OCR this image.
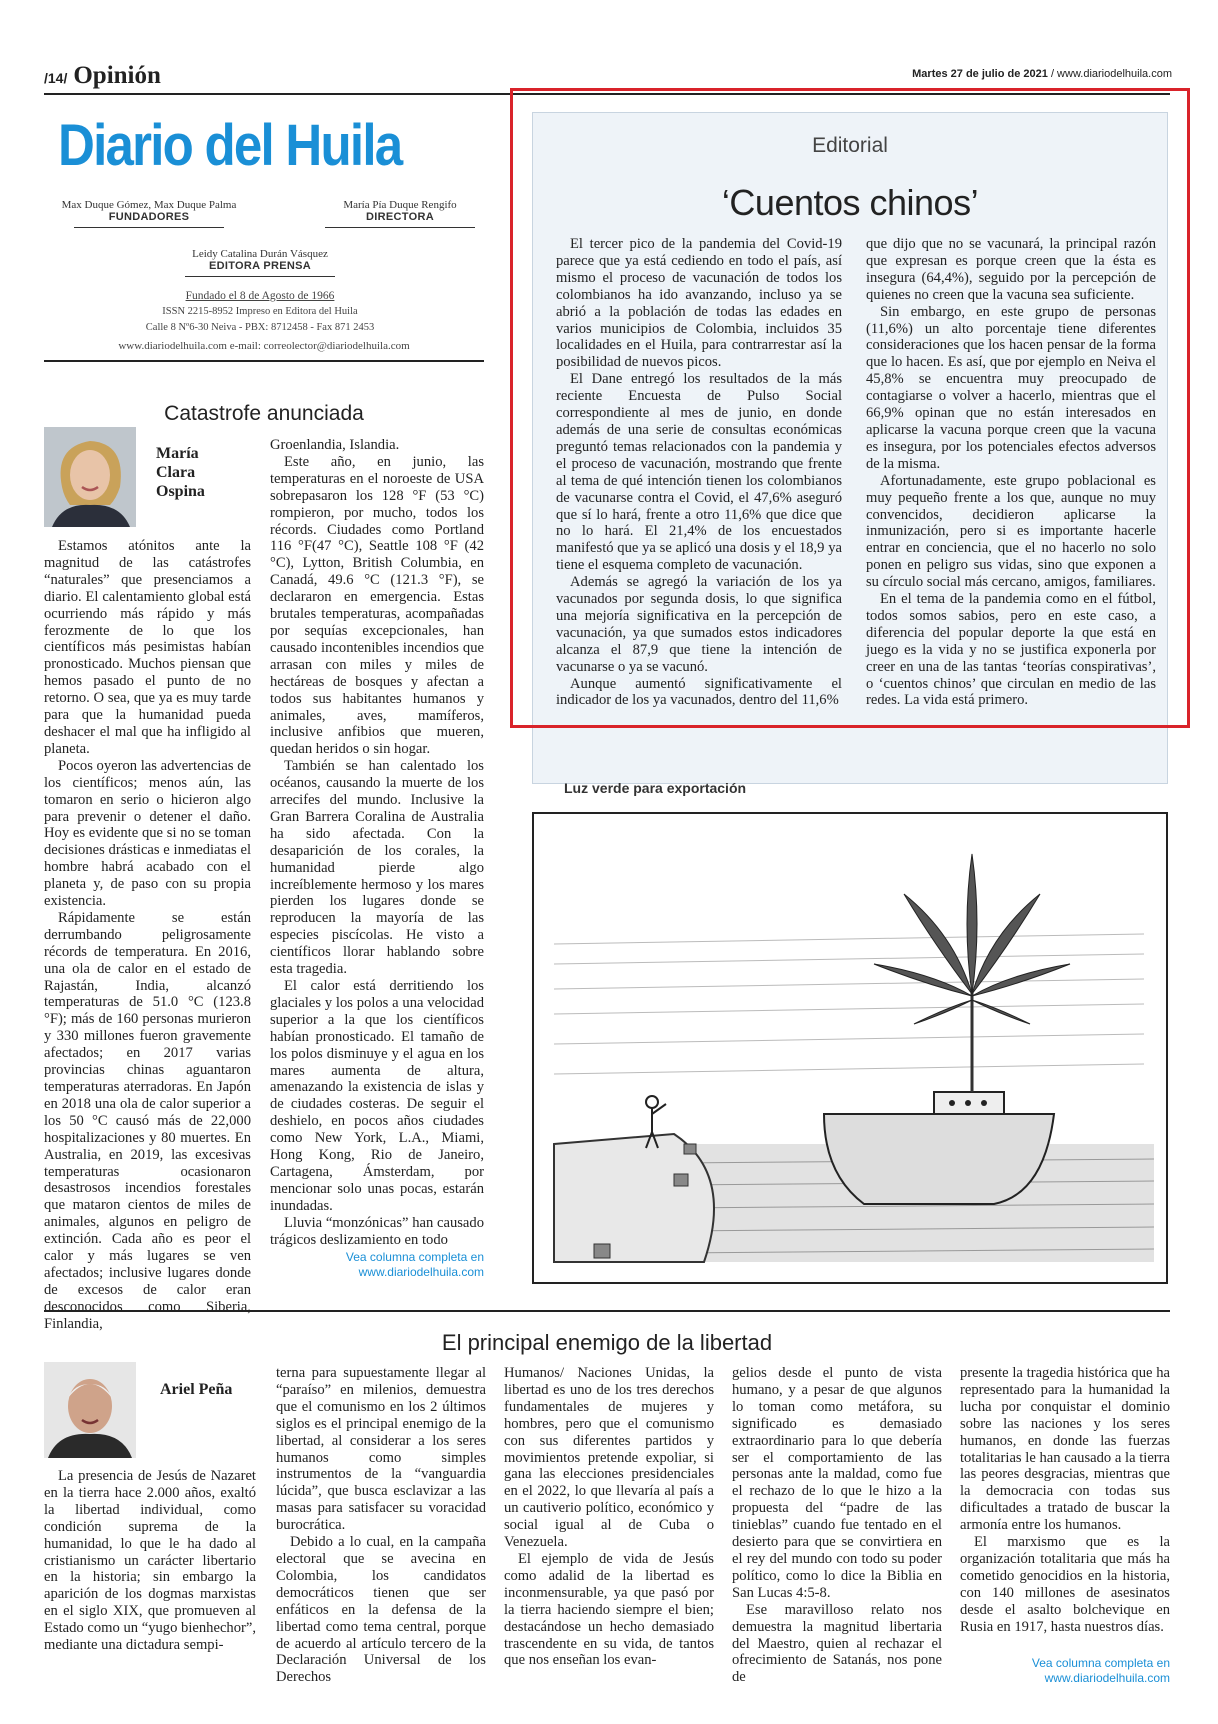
/14/ Opinión	Martes 27 de julio de 2021 / www.diariodelhuila.com
Diario del Huila
Max Duque Gómez, Max Duque Palma
FUNDADORES
María Pía Duque Rengifo
DIRECTORA
Leidy Catalina Durán Vásquez
EDITORA PRENSA
Fundado el 8 de Agosto de 1966
ISSN 2215-8952 Impreso en Editora del Huila
Calle 8 Nº6-30 Neiva - PBX: 8712458 - Fax 871 2453
www.diariodelhuila.com e-mail: correolector@diariodelhuila.com
Catastrofe anunciada
María
Clara
Ospina

Estamos atónitos ante la magnitud de las catástrofes “naturales” que presenciamos a diario. El calentamiento global está ocurriendo más rápido y más ferozmente de lo que los científicos más pesimistas habían pronosticado. Muchos piensan que hemos pasado el punto de no retorno. O sea, que ya es muy tarde para que la humanidad pueda deshacer el mal que ha infligido al planeta.

Pocos oyeron las advertencias de los científicos; menos aún, las tomaron en serio o hicieron algo para prevenir o detener el daño. Hoy es evidente que si no se toman decisiones drásticas e inmediatas el hombre habrá acabado con el planeta y, de paso con su propia existencia.

Rápidamente se están derrumbando peligrosamente récords de temperatura. En 2016, una ola de calor en el estado de Rajastán, India, alcanzó temperaturas de 51.0 °C (123.8 °F); más de 160 personas murieron y 330 millones fueron gravemente afectados; en 2017 varias provincias chinas aguantaron temperaturas aterradoras. En Japón en 2018 una ola de calor superior a los 50 °C causó más de 22,000 hospitalizaciones y 80 muertes. En Australia, en 2019, las excesivas temperaturas ocasionaron desastrosos incendios forestales que mataron cientos de miles de animales, algunos en peligro de extinción. Cada año es peor el calor y más lugares se ven afectados; inclusive lugares donde de excesos de calor eran desconocidos como Siberia, Finlandia,

Groenlandia, Islandia.

Este año, en junio, las temperaturas en el noroeste de USA sobrepasaron los 128 °F (53 °C) rompieron, por mucho, todos los récords. Ciudades como Portland 116 °F(47 °C), Seattle 108 °F (42 °C), Lytton, British Columbia, en Canadá, 49.6 °C (121.3 °F), se declararon en emergencia. Estas brutales temperaturas, acompañadas por sequías excepcionales, han causado incontenibles incendios que arrasan con miles y miles de hectáreas de bosques y afectan a todos sus habitantes humanos y animales, aves, mamíferos, inclusive anfibios que mueren, quedan heridos o sin hogar.

También se han calentado los océanos, causando la muerte de los arrecifes del mundo. Inclusive la Gran Barrera Coralina de Australia ha sido afectada. Con la desaparición de los corales, la humanidad pierde algo increíblemente hermoso y los mares pierden los lugares donde se reproducen la mayoría de las especies piscícolas. He visto a científicos llorar hablando sobre esta tragedia.

El calor está derritiendo los glaciales y los polos a una velocidad superior a la que los científicos habían pronosticado. El tamaño de los polos disminuye y el agua en los mares aumenta de altura, amenazando la existencia de islas y de ciudades costeras. De seguir el deshielo, en pocos años ciudades como New York, L.A., Miami, Hong Kong, Rio de Janeiro, Cartagena, Ámsterdam, por mencionar solo unas pocas, estarán inundadas.

Lluvia “monzónicas” han causado trágicos deslizamiento en todo

Vea columna completa en
www.diariodelhuila.com
Editorial
‘Cuentos chinos’

El tercer pico de la pandemia del Covid-19 parece que ya está cediendo en todo el país, así mismo el proceso de vacunación de todos los colombianos ha ido avanzando, incluso ya se abrió a la población de todas las edades en varios municipios de Colombia, incluidos 35 localidades en el Huila, para contrarrestar así la posibilidad de nuevos picos.

El Dane entregó los resultados de la más reciente Encuesta de Pulso Social correspondiente al mes de junio, en donde además de una serie de consultas económicas preguntó temas relacionados con la pandemia y el proceso de vacunación, mostrando que frente al tema de qué intención tienen los colombianos de vacunarse contra el Covid, el 47,6% aseguró que sí lo hará, frente a otro 11,6% que dice que no lo hará. El 21,4% de los encuestados manifestó que ya se aplicó una dosis y el 18,9 ya tiene el esquema completo de vacunación.

Además se agregó la variación de los ya vacunados por segunda dosis, lo que significa una mejoría significativa en la percepción de vacunación, ya que sumados estos indicadores alcanza el 87,9 que tiene la intención de vacunarse o ya se vacunó.

Aunque aumentó significativamente el indicador de los ya vacunados, dentro del 11,6%

que dijo que no se vacunará, la principal razón que expresan es porque creen que la ésta es insegura (64,4%), seguido por la percepción de quienes no creen que la vacuna sea suficiente.

Sin embargo, en este grupo de personas (11,6%) un alto porcentaje tiene diferentes consideraciones que los hacen pensar de la forma que lo hacen. Es así, que por ejemplo en Neiva el 45,8% se encuentra muy preocupado de contagiarse o volver a hacerlo, mientras que el 66,9% opinan que no están interesados en aplicarse la vacuna porque creen que la vacuna es insegura, por los potenciales efectos adversos de la misma.

Afortunadamente, este grupo poblacional es muy pequeño frente a los que, aunque no muy convencidos, decidieron aplicarse la inmunización, pero si es importante hacerle entrar en conciencia, que el no hacerlo no solo ponen en peligro sus vidas, sino que exponen a su círculo social más cercano, amigos, familiares.

En el tema de la pandemia como en el fútbol, todos somos sabios, pero en este caso, a diferencia del popular deporte la que está en juego es la vida y no se justifica exponerla por creer en una de las tantas ‘teorías conspirativas’, o ‘cuentos chinos’ que circulan en medio de las redes. La vida está primero.

Luz verde para exportación
El principal enemigo de la libertad
Ariel Peña

La presencia de Jesús de Nazaret en la tierra hace 2.000 años, exaltó la libertad individual, como condición suprema de la humanidad, lo que le ha dado al cristianismo un carácter libertario en la historia; sin embargo la aparición de los dogmas marxistas en el siglo XIX, que promueven al Estado como un “yugo bienhechor”, mediante una dictadura sempi-

terna para supuestamente llegar al “paraíso” en milenios, demuestra que el comunismo en los 2 últimos siglos es el principal enemigo de la libertad, al considerar a los seres humanos como simples instrumentos de la “vanguardia lúcida”, que busca esclavizar a las masas para satisfacer su voracidad burocrática.

Debido a lo cual, en la campaña electoral que se avecina en Colombia, los candidatos democráticos tienen que ser enfáticos en la defensa de la libertad como tema central, porque de acuerdo al artículo tercero de la Declaración Universal de los Derechos

Humanos/ Naciones Unidas, la libertad es uno de los tres derechos fundamentales de mujeres y hombres, pero que el comunismo con sus diferentes partidos y movimientos pretende expoliar, si gana las elecciones presidenciales en el 2022, lo que llevaría al país a un cautiverio político, económico y social igual al de Cuba o Venezuela.

El ejemplo de vida de Jesús como adalid de la libertad es inconmensurable, ya que pasó por la tierra haciendo siempre el bien; destacándose un hecho demasiado trascendente en su vida, de tantos que nos enseñan los evan-

gelios desde el punto de vista humano, y a pesar de que algunos lo toman como metáfora, su significado es demasiado extraordinario para lo que debería ser el comportamiento de las personas ante la maldad, como fue el rechazo de lo que le hizo a la propuesta del “padre de las tinieblas” cuando fue tentado en el desierto para que se convirtiera en el rey del mundo con todo su poder político, como lo dice la Biblia en San Lucas 4:5-8.

Ese maravilloso relato nos demuestra la magnitud libertaria del Maestro, quien al rechazar el ofrecimiento de Satanás, nos pone de

presente la tragedia histórica que ha representado para la humanidad la lucha por conquistar el dominio sobre las naciones y los seres humanos, en donde las fuerzas totalitarias le han causado a la tierra las peores desgracias, mientras que la democracia con todas sus dificultades a tratado de buscar la armonía entre los humanos.

El marxismo que es la organización totalitaria que más ha cometido genocidios en la historia, con 140 millones de asesinatos desde el asalto bolchevique en Rusia en 1917, hasta nuestros días.

Vea columna completa en
www.diariodelhuila.com
